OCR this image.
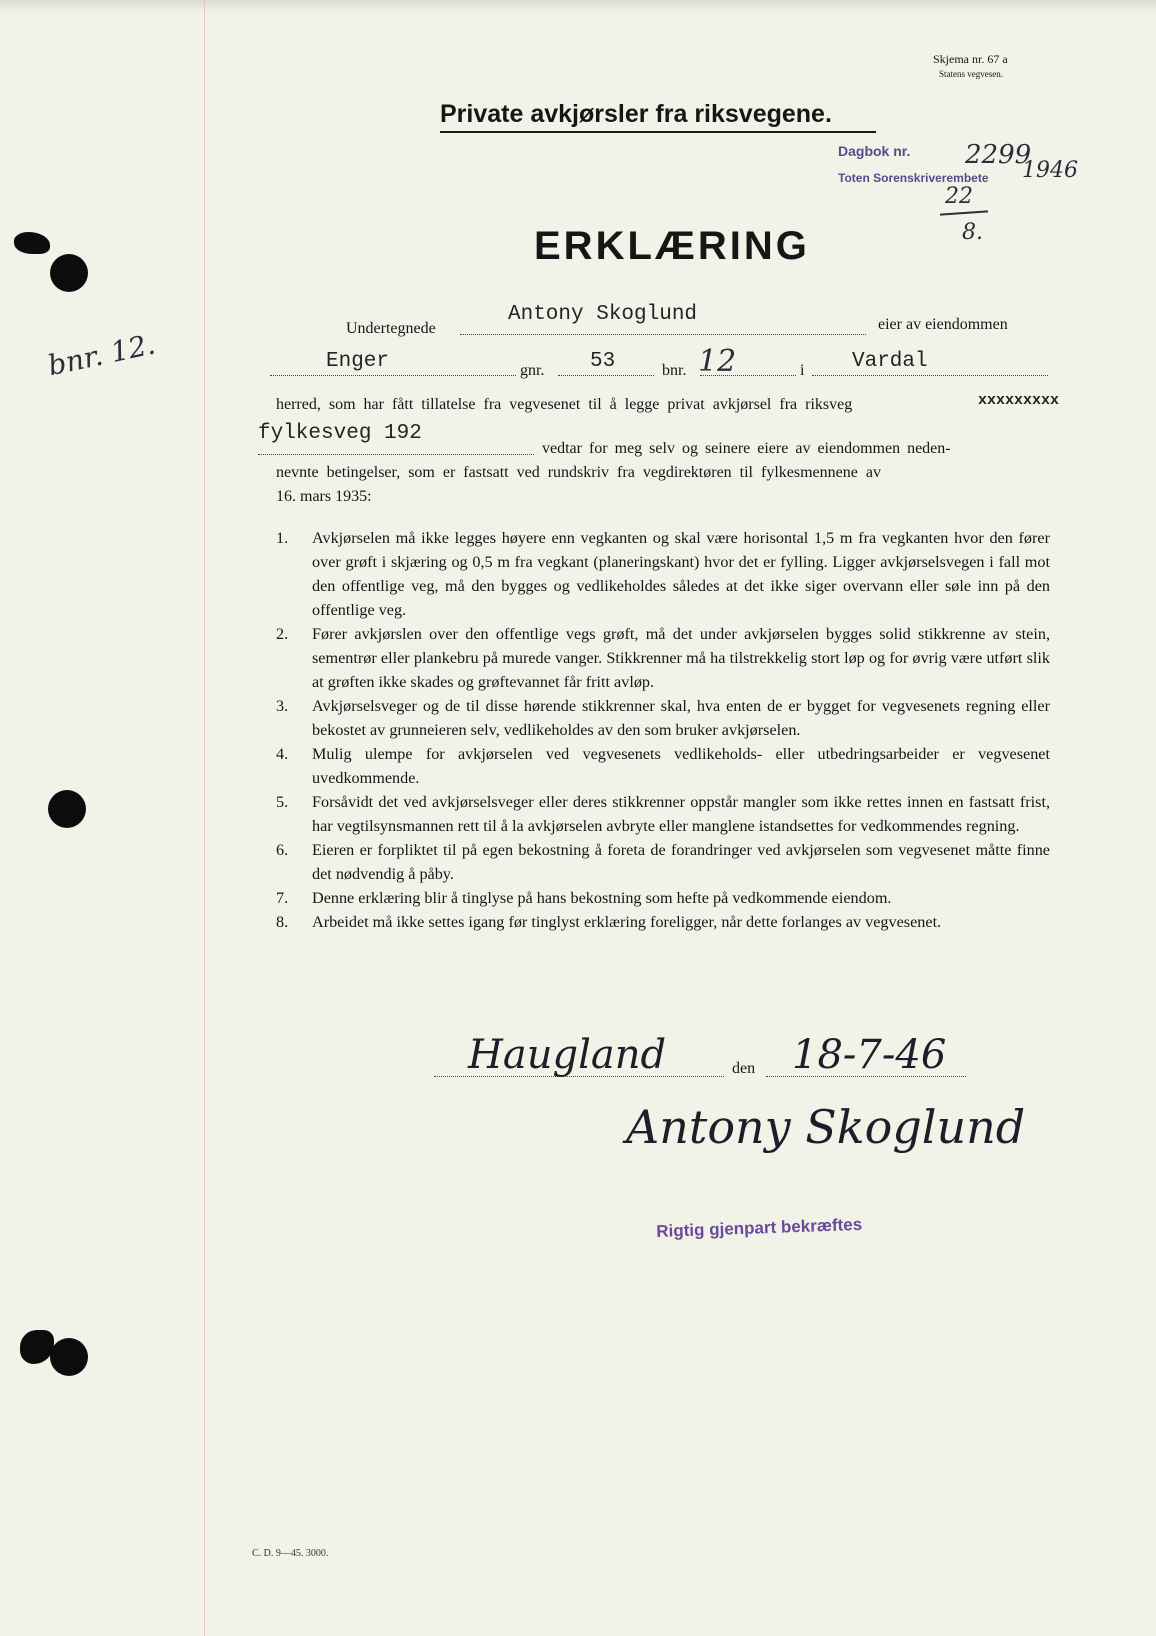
Skjema nr. 67 a
Statens vegvesen.
Private avkjørsler fra riksvegene.
Dagbok nr.
Toten Sorenskriverembete
2299
1946
22
8.
ERKLÆRING
bnr. 12.	Undertegnede
Antony Skoglund	eier av eiendommen
Enger	gnr. 53	bnr. 12	i Vardal
herred, som har fått tillatelse fra vegvesenet til å legge privat avkjørsel fra riksveg	xxxxxxxxx
fylkesveg 192
vedtar for meg selv og seinere eiere av eiendommen neden-
nevnte betingelser, som er fastsatt ved rundskriv fra vegdirektøren til fylkesmennene av
16. mars 1935:
1.	Avkjørselen må ikke legges høyere enn vegkanten og skal være horisontal 1,5 m fra vegkanten hvor den fører over grøft i skjæring og 0,5 m fra vegkant (planeringskant) hvor det er fylling. Ligger avkjørselsvegen i fall mot den offentlige veg, må den bygges og vedlikeholdes således at det ikke siger overvann eller søle inn på den offentlige veg.
2.	Fører avkjørslen over den offentlige vegs grøft, må det under avkjørselen bygges solid stikkrenne av stein, sementrør eller plankebru på murede vanger. Stikkrenner må ha tilstrekkelig stort løp og for øvrig være utført slik at grøften ikke skades og grøftevannet får fritt avløp.
3.	Avkjørselsveger og de til disse hørende stikkrenner skal, hva enten de er bygget for vegvesenets regning eller bekostet av grunneieren selv, vedlikeholdes av den som bruker avkjørselen.
4.	Mulig ulempe for avkjørselen ved vegvesenets vedlikeholds- eller utbedringsarbeider er vegvesenet uvedkommende.
5.	Forsåvidt det ved avkjørselsveger eller deres stikkrenner oppstår mangler som ikke rettes innen en fastsatt frist, har vegtilsynsmannen rett til å la avkjørselen avbryte eller manglene istandsettes for vedkommendes regning.
6.	Eieren er forpliktet til på egen bekostning å foreta de forandringer ved avkjørselen som vegvesenet måtte finne det nødvendig å påby.
7.	Denne erklæring blir å tinglyse på hans bekostning som hefte på vedkommende eiendom.
8.	Arbeidet må ikke settes igang før tinglyst erklæring foreligger, når dette forlanges av vegvesenet.
Haugland	den 18-7-46
Antony Skoglund
Rigtig gjenpart bekræftes
C. D. 9—45. 3000.
